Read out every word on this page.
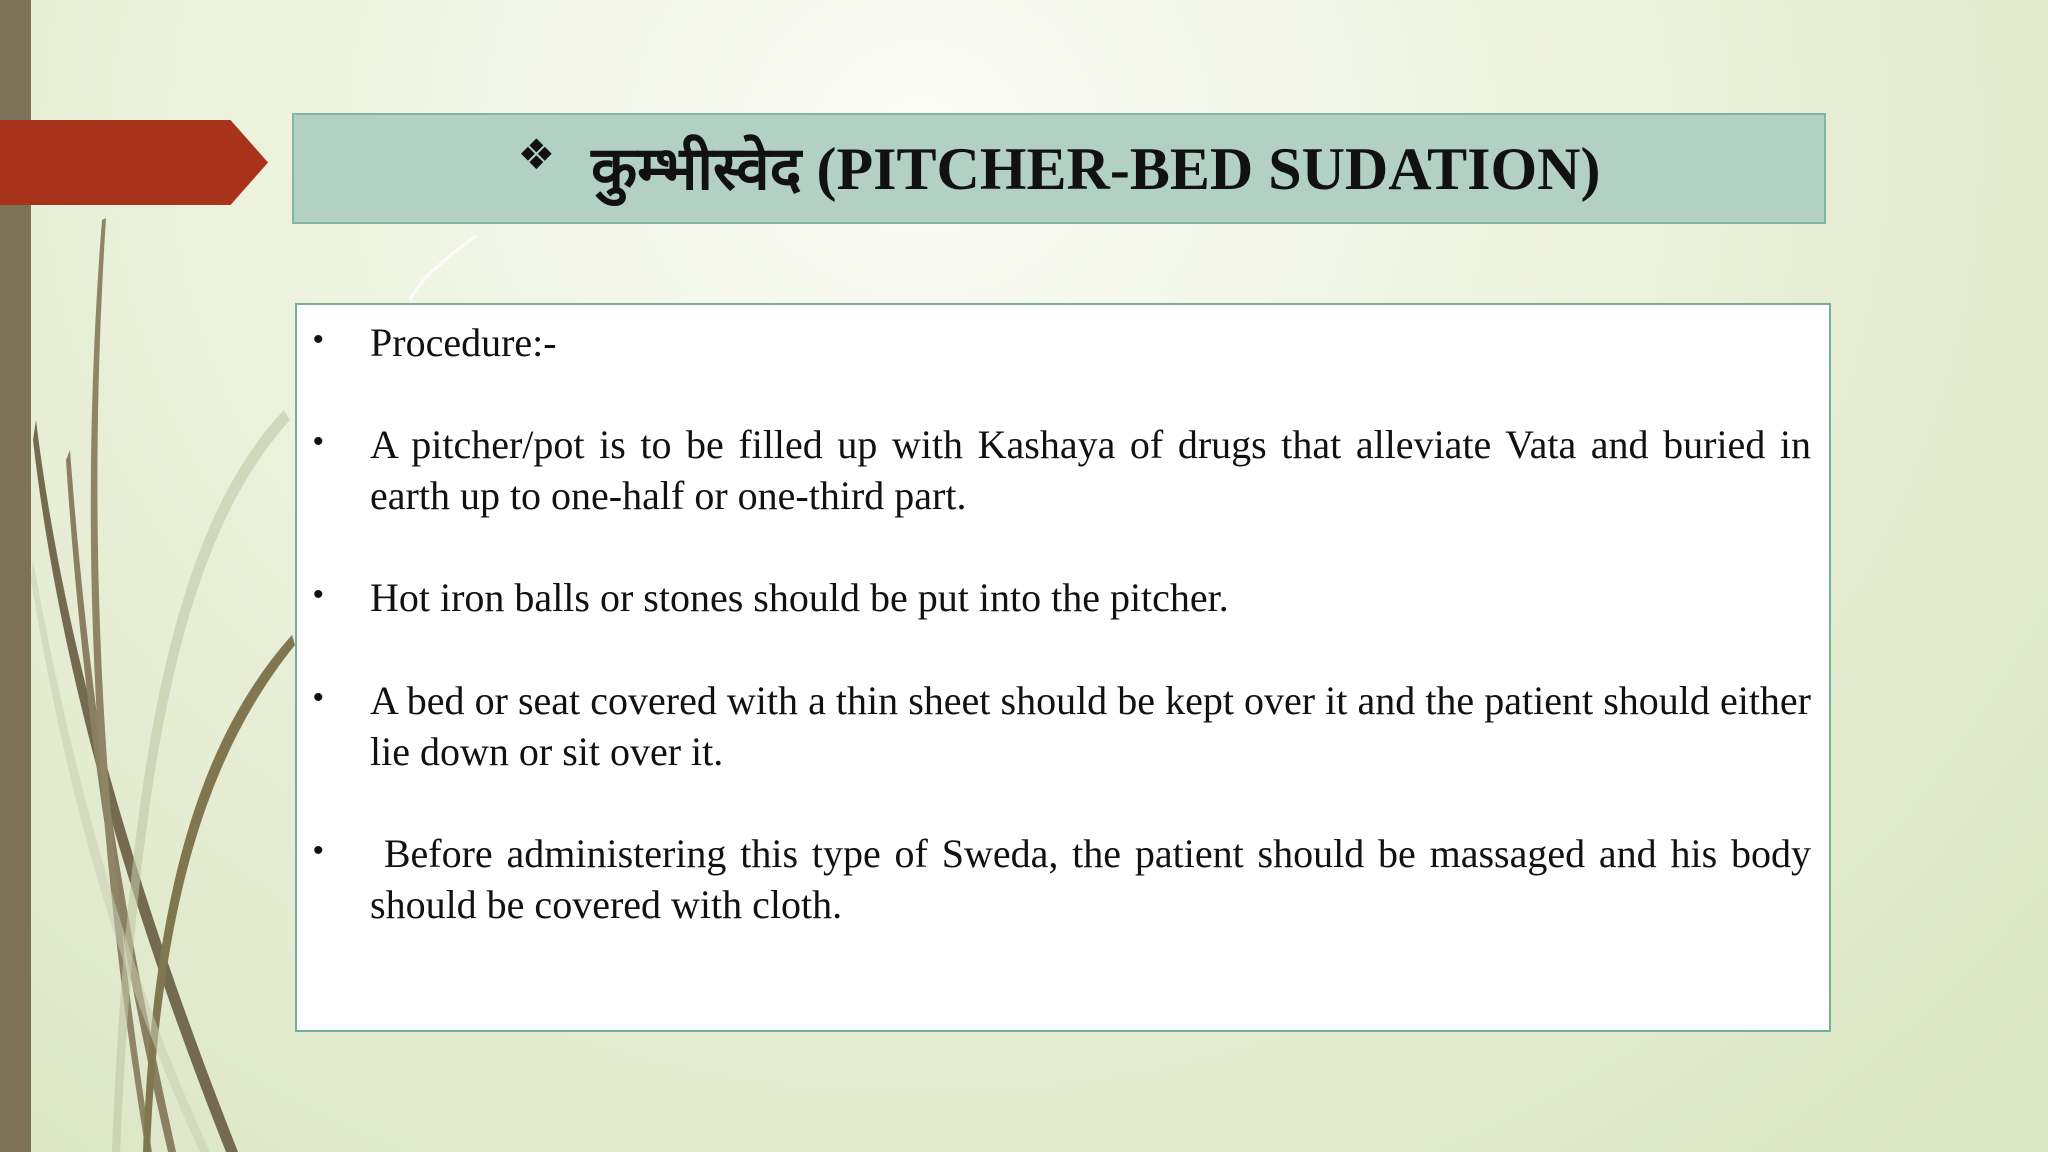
❖ कुम्भीस्वेद (PITCHER-BED SUDATION)
• Procedure:-
• A pitcher/pot is to be filled up with Kashaya of drugs that alleviate Vata and buried in earth up to one-half or one-third part.
• Hot iron balls or stones should be put into the pitcher.
• A bed or seat covered with a thin sheet should be kept over it and the patient should either lie down or sit over it.
• Before administering this type of Sweda, the patient should be massaged and his body should be covered with cloth.
